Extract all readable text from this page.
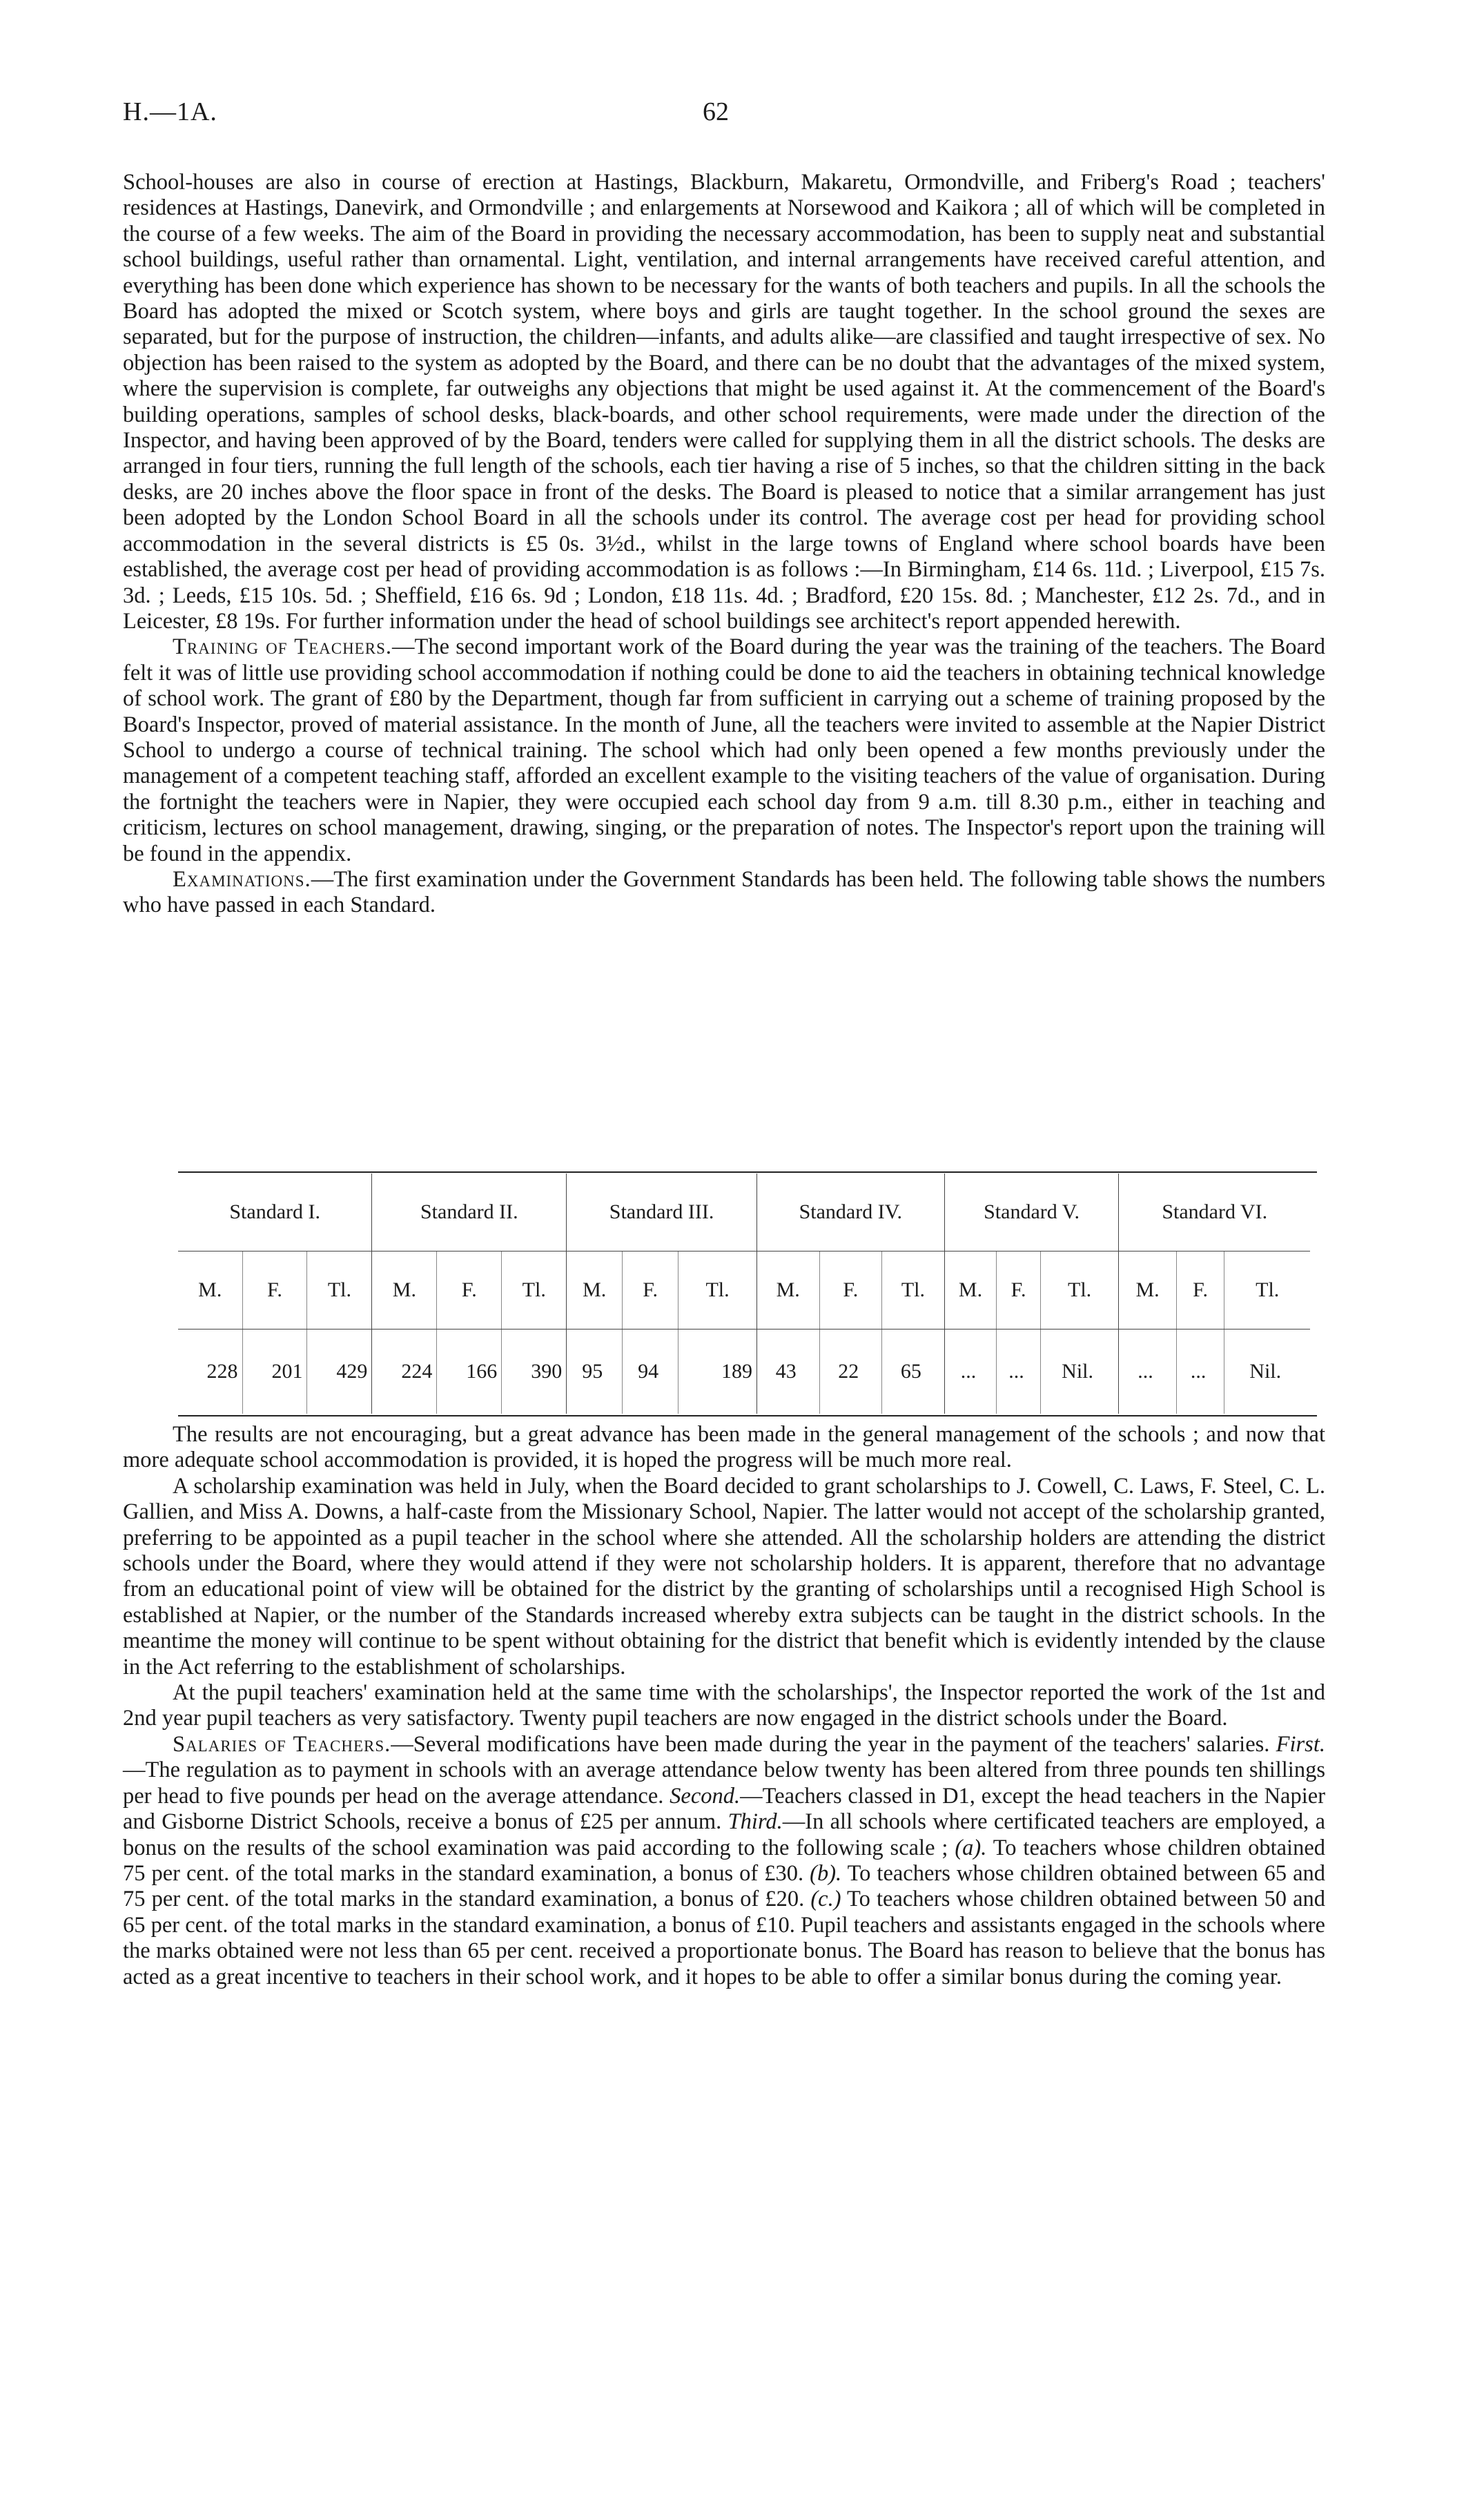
H.—1A.	62

School-houses are also in course of erection at Hastings, Blackburn, Makaretu, Ormondville, and Friberg's Road ; teachers' residences at Hastings, Danevirk, and Ormondville ; and enlargements at Norsewood and Kaikora ; all of which will be completed in the course of a few weeks. The aim of the Board in providing the necessary accommodation, has been to supply neat and substantial school buildings, useful rather than ornamental. Light, ventilation, and internal arrangements have received careful attention, and everything has been done which experience has shown to be necessary for the wants of both teachers and pupils. In all the schools the Board has adopted the mixed or Scotch system, where boys and girls are taught together. In the school ground the sexes are separated, but for the purpose of instruction, the children—infants, and adults alike—are classified and taught irrespective of sex. No objection has been raised to the system as adopted by the Board, and there can be no doubt that the advantages of the mixed system, where the supervision is complete, far outweighs any objections that might be used against it. At the commencement of the Board's building operations, samples of school desks, black-boards, and other school requirements, were made under the direction of the Inspector, and having been approved of by the Board, tenders were called for supplying them in all the district schools. The desks are arranged in four tiers, running the full length of the schools, each tier having a rise of 5 inches, so that the children sitting in the back desks, are 20 inches above the floor space in front of the desks. The Board is pleased to notice that a similar arrangement has just been adopted by the London School Board in all the schools under its control. The average cost per head for providing school accommodation in the several districts is £5 0s. 3½d., whilst in the large towns of England where school boards have been established, the average cost per head of providing accommodation is as follows :—In Birmingham, £14 6s. 11d. ; Liverpool, £15 7s. 3d. ; Leeds, £15 10s. 5d. ; Sheffield, £16 6s. 9d ; London, £18 11s. 4d. ; Bradford, £20 15s. 8d. ; Manchester, £12 2s. 7d., and in Leicester, £8 19s. For further information under the head of school buildings see architect's report appended herewith.

Training of Teachers.—The second important work of the Board during the year was the training of the teachers. The Board felt it was of little use providing school accommodation if nothing could be done to aid the teachers in obtaining technical knowledge of school work. The grant of £80 by the Department, though far from sufficient in carrying out a scheme of training proposed by the Board's Inspector, proved of material assistance. In the month of June, all the teachers were invited to assemble at the Napier District School to undergo a course of technical training. The school which had only been opened a few months previously under the management of a competent teaching staff, afforded an excellent example to the visiting teachers of the value of organisation. During the fortnight the teachers were in Napier, they were occupied each school day from 9 a.m. till 8.30 p.m., either in teaching and criticism, lectures on school management, drawing, singing, or the preparation of notes. The Inspector's report upon the training will be found in the appendix.

Examinations.—The first examination under the Government Standards has been held. The following table shows the numbers who have passed in each Standard.

Standard I.			Standard II.			Standard III.			Standard IV.			Standard V.			Standard VI.		
M.	F.	Tl.	M.	F.	Tl.	M.	F.	Tl.	M.	F.	Tl.	M.	F.	Tl.	M.	F.	Tl.
228	201	429	224	166	390	95	94	189	43	22	65	...	...	Nil.	...	...	Nil.

The results are not encouraging, but a great advance has been made in the general management of the schools ; and now that more adequate school accommodation is provided, it is hoped the progress will be much more real.

A scholarship examination was held in July, when the Board decided to grant scholarships to J. Cowell, C. Laws, F. Steel, C. L. Gallien, and Miss A. Downs, a half-caste from the Missionary School, Napier. The latter would not accept of the scholarship granted, preferring to be appointed as a pupil teacher in the school where she attended. All the scholarship holders are attending the district schools under the Board, where they would attend if they were not scholarship holders. It is apparent, therefore that no advantage from an educational point of view will be obtained for the district by the granting of scholarships until a recognised High School is established at Napier, or the number of the Standards increased whereby extra subjects can be taught in the district schools. In the meantime the money will continue to be spent without obtaining for the district that benefit which is evidently intended by the clause in the Act referring to the establishment of scholarships.

At the pupil teachers' examination held at the same time with the scholarships', the Inspector reported the work of the 1st and 2nd year pupil teachers as very satisfactory. Twenty pupil teachers are now engaged in the district schools under the Board.

Salaries of Teachers.—Several modifications have been made during the year in the payment of the teachers' salaries. First.—The regulation as to payment in schools with an average attendance below twenty has been altered from three pounds ten shillings per head to five pounds per head on the average attendance. Second.—Teachers classed in D1, except the head teachers in the Napier and Gisborne District Schools, receive a bonus of £25 per annum. Third.—In all schools where certificated teachers are employed, a bonus on the results of the school examination was paid according to the following scale ; (a). To teachers whose children obtained 75 per cent. of the total marks in the standard examination, a bonus of £30. (b). To teachers whose children obtained between 65 and 75 per cent. of the total marks in the standard examination, a bonus of £20. (c.) To teachers whose children obtained between 50 and 65 per cent. of the total marks in the standard examination, a bonus of £10. Pupil teachers and assistants engaged in the schools where the marks obtained were not less than 65 per cent. received a proportionate bonus. The Board has reason to believe that the bonus has acted as a great incentive to teachers in their school work, and it hopes to be able to offer a similar bonus during the coming year.
